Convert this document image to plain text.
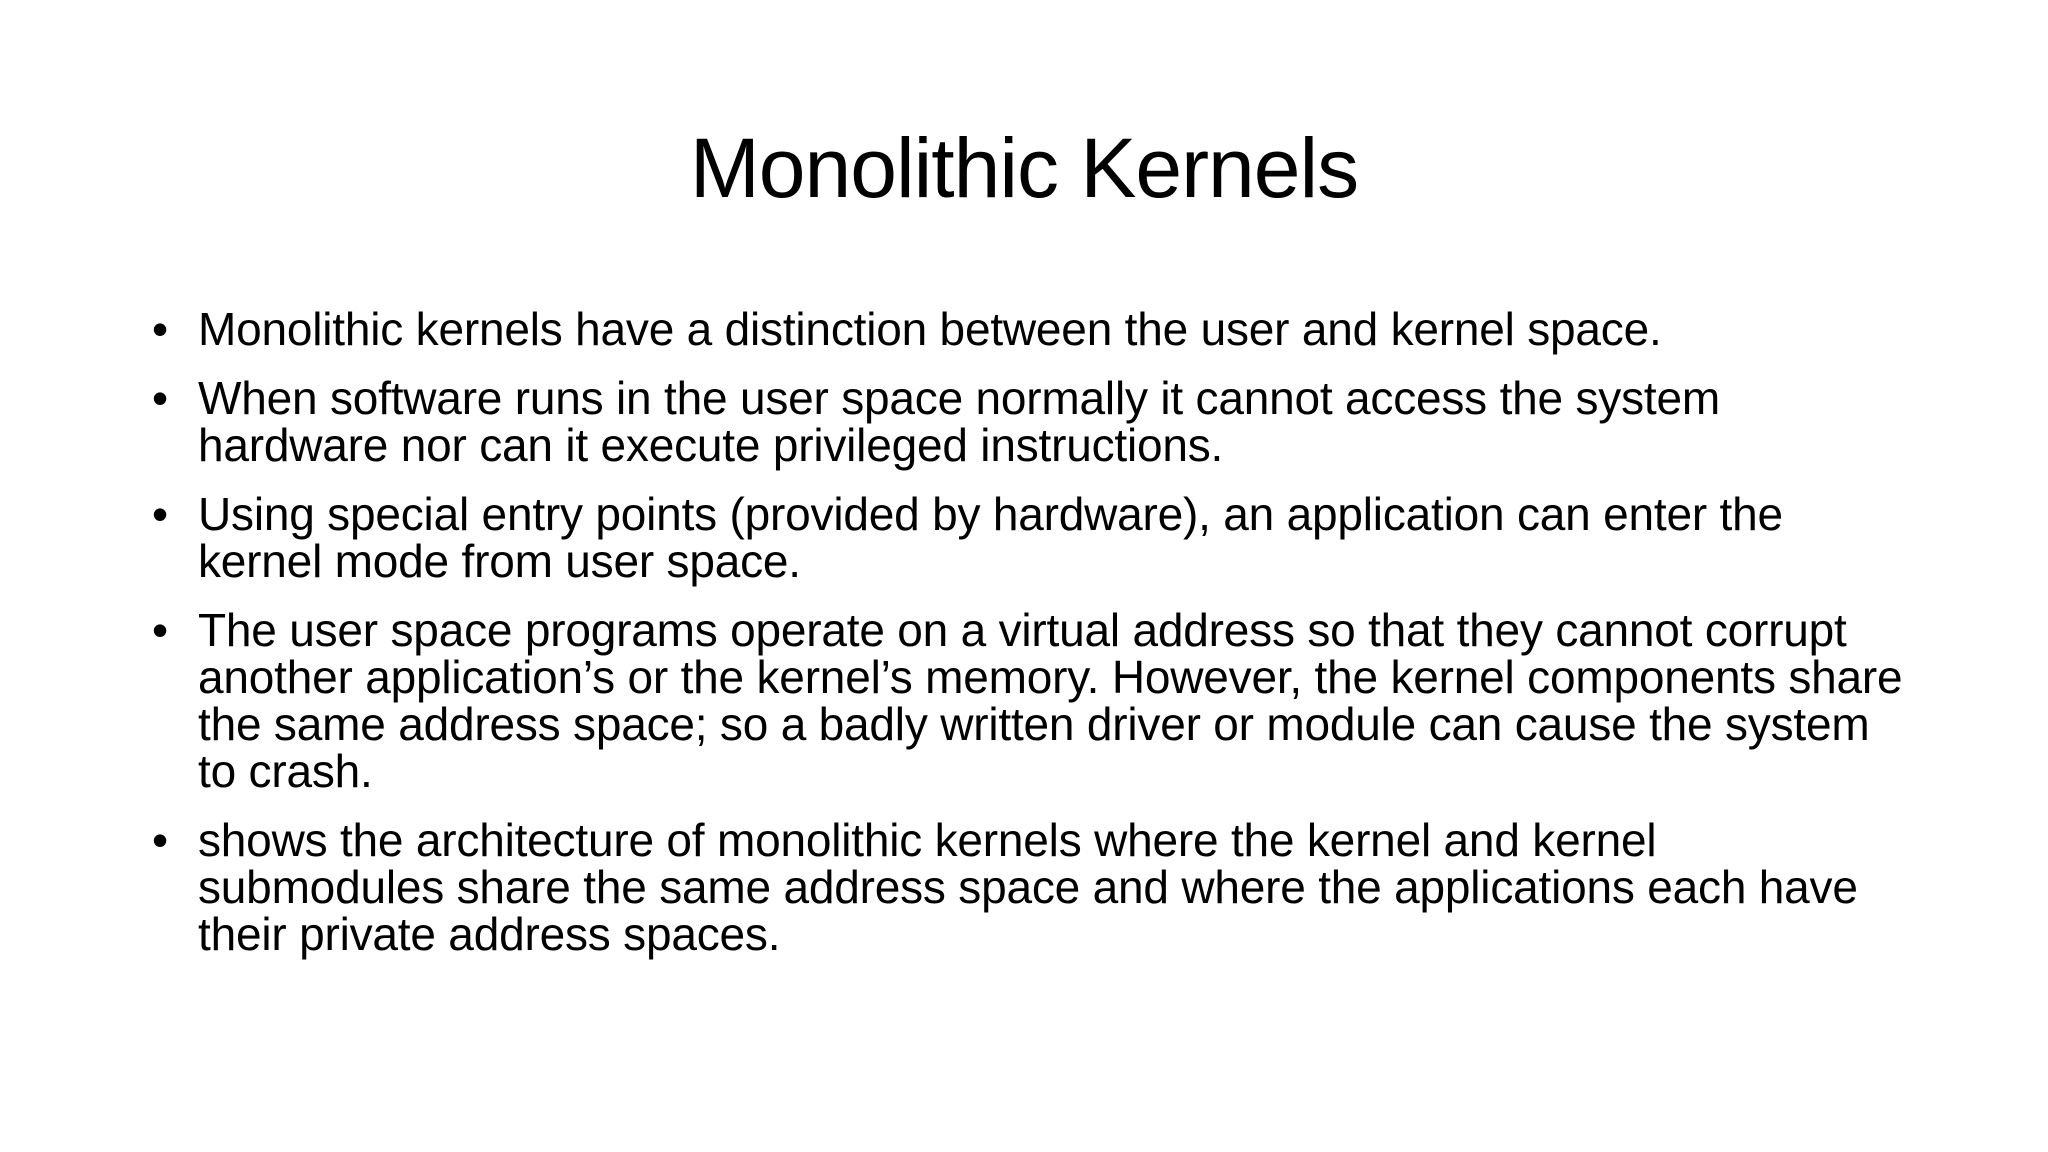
Monolithic Kernels
• Monolithic kernels have a distinction between the user and kernel space.
• When software runs in the user space normally it cannot access the system hardware nor can it execute privileged instructions.
• Using special entry points (provided by hardware), an application can enter the kernel mode from user space.
• The user space programs operate on a virtual address so that they cannot corrupt another application’s or the kernel’s memory. However, the kernel components share the same address space; so a badly written driver or module can cause the system to crash.
• shows the architecture of monolithic kernels where the kernel and kernel submodules share the same address space and where the applications each have their private address spaces.
